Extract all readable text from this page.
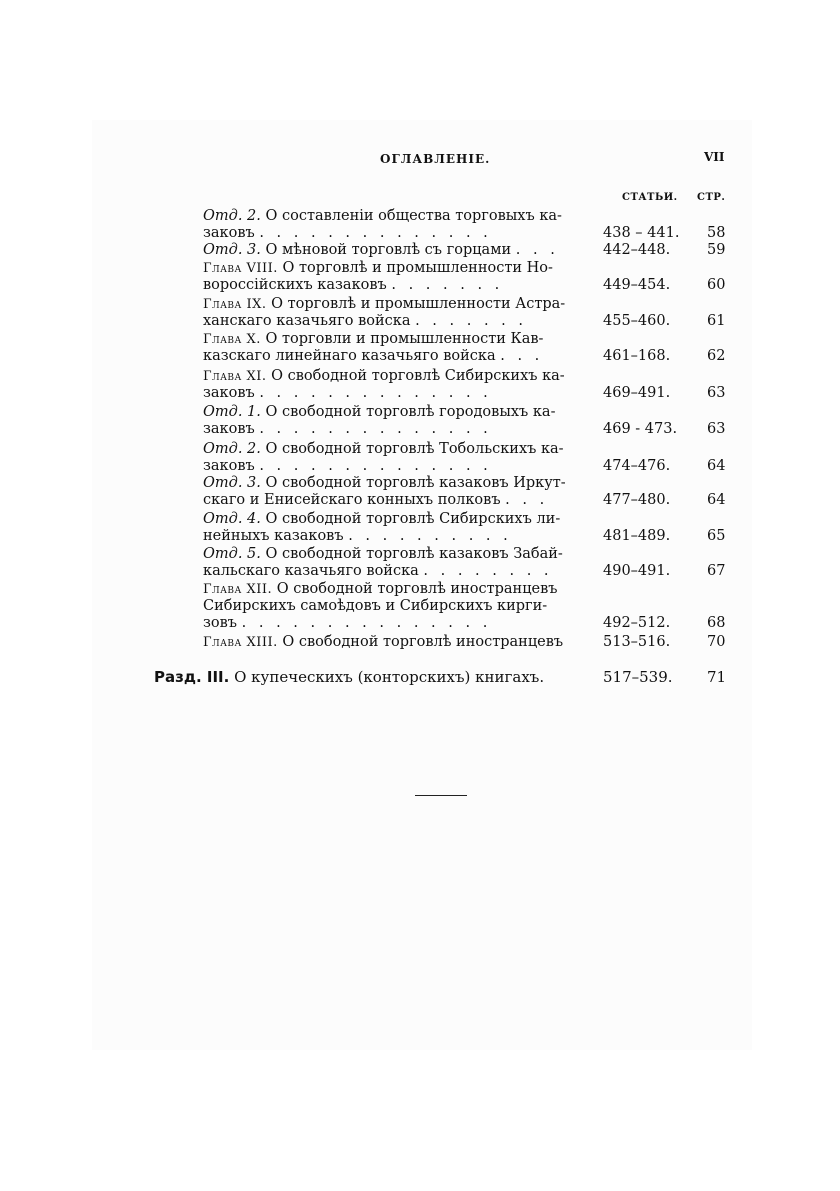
ОГЛАВЛЕНIЕ.	VII
СТАТЬИ. СТР.
Отд. 2. О составленіи общества торговыхъ ка-
заковъ . . . . . . . . . . . . . .	438 – 441. 58
Отд. 3. О мѣновой торговлѣ съ горцами . . .	442–448.	59
Глава VIII. О торговлѣ и промышленности Но-
вороссійскихъ казаковъ . . . . . . .	449–454.	60
Глава IX. О торговлѣ и промышленности Астра-
ханскаго казачьяго войска . . . . . . .	455–460.	61
Глава X. О торговли и промышленности Кав-
казскаго линейнаго казачьяго войска . . .	461–168.	62
Глава XI. О свободной торговлѣ Сибирскихъ ка-
заковъ . . . . . . . . . . . . . .	469–491.	63
Отд. 1. О свободной торговлѣ городовыхъ ка-
заковъ . . . . . . . . . . . . . .	469 - 473. 63
Отд. 2. О свободной торговлѣ Тобольскихъ ка-
заковъ . . . . . . . . . . . . . .	474–476.	64
Отд. 3. О свободной торговлѣ казаковъ Иркут-
скаго и Енисейскаго конныхъ полковъ . . .	477–480.	64
Отд. 4. О свободной торговлѣ Сибирскихъ ли-
нейныхъ казаковъ . . . . . . . . . .	481–489.	65
Отд. 5. О свободной торговлѣ казаковъ Забай-
кальскаго казачьяго войска . . . . . . . .	490–491.	67
Глава XII. О свободной торговлѣ иностранцевъ
Сибирскихъ самоѣдовъ и Сибирскихъ кирги-
зовъ . . . . . . . . . . . . . . .	492–512.	68
Глава XIII. О свободной торговлѣ иностранцевъ	513–516.	70
Разд. III. О купеческихъ (конторскихъ) книгахъ.	517–539. 71
